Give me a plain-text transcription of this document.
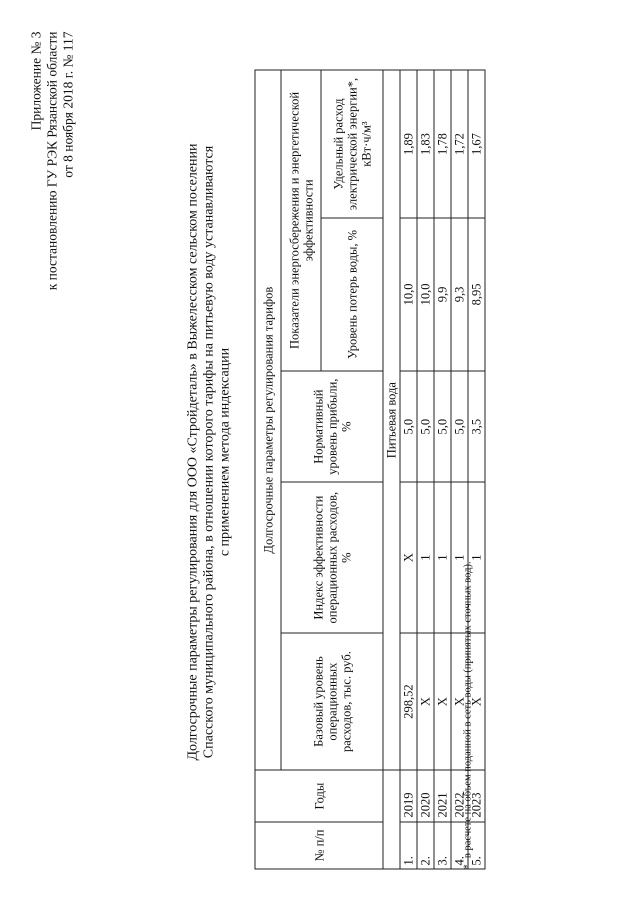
Приложение № 3 к постановлению ГУ РЭК Рязанской области от 8 ноября 2018 г. № 117
Долгосрочные параметры регулирования для ООО «Стройдеталь» в Выжелесском сельском поселении Спасского муниципального района, в отношении которого тарифы на питьевую воду устанавливаются с применением метода индексации
№ п/п	Годы	Долгосрочные параметры регулирования тарифов				
		Базовый уровень операционных расходов, тыс. руб.	Индекс эффективности операционных расходов, %	Нормативный уровень прибыли, %	Показатели энергосбережения и энергетической эффективности	
					Уровень потерь воды, %	Удельный расход электрической энергии*, кВт·ч/м³
		Питьевая вода				
1.	2019	298,52	X	5,0	10,0	1,89
2.	2020	X	1	5,0	10,0	1,83
3.	2021	X	1	5,0	9,9	1,78
4.	2022	X	1	5,0	9,3	1,72
5.	2023	X	1	3,5	8,95	1,67
*- в расчете на объем поданной в сеть воды (принятых сточных вод).
